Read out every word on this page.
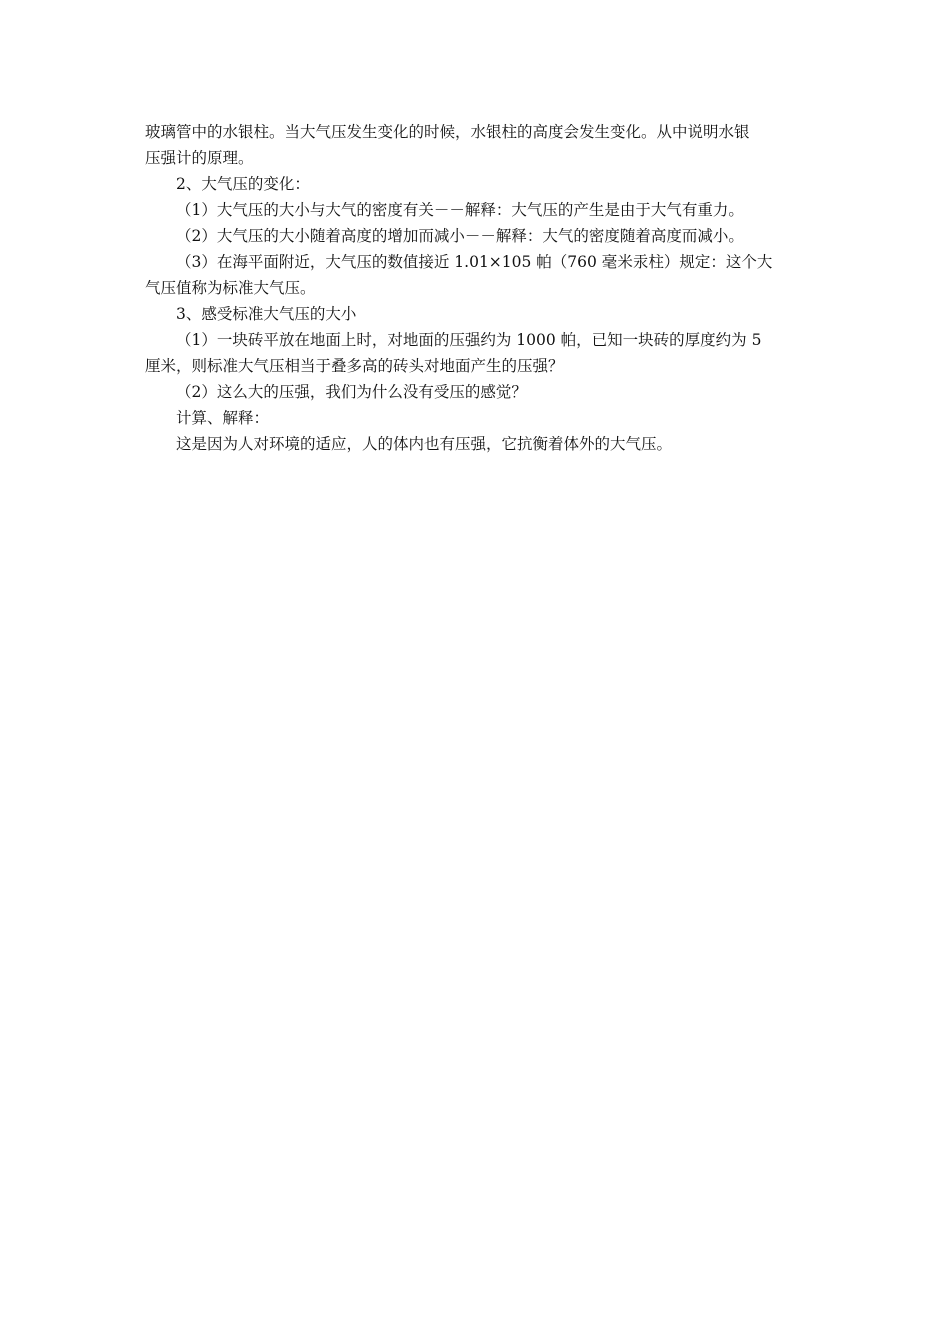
玻璃管中的水银柱。当大气压发生变化的时候，水银柱的高度会发生变化。从中说明水银

压强计的原理。

2、大气压的变化：

（1）大气压的大小与大气的密度有关－－解释：大气压的产生是由于大气有重力。

（2）大气压的大小随着高度的增加而减小－－解释：大气的密度随着高度而减小。

（3）在海平面附近，大气压的数值接近 1.01×105 帕（760 毫米汞柱）规定：这个大

气压值称为标准大气压。

3、感受标准大气压的大小

（1）一块砖平放在地面上时，对地面的压强约为 1000 帕，已知一块砖的厚度约为 5

厘米，则标准大气压相当于叠多高的砖头对地面产生的压强？

（2）这么大的压强，我们为什么没有受压的感觉？

计算、解释：

这是因为人对环境的适应，人的体内也有压强，它抗衡着体外的大气压。
